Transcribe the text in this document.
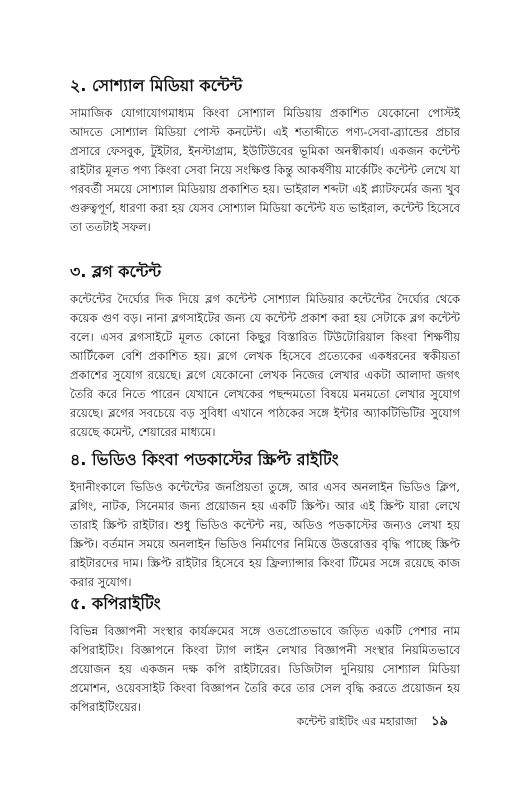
২. সোশ্যাল মিডিয়া কন্টেন্ট

সামাজিক যোগাযোগমাধ্যম কিংবা সোশ্যাল মিডিয়ায় প্রকাশিত যেকোনো পোস্টই আদতে সোশ্যাল মিডিয়া পোস্ট কনটেন্ট। এই শতাব্দীতে পণ্য-সেবা-ব্র্যান্ডের প্রচার প্রসারে ফেসবুক, টুইটার, ইনস্টাগ্রাম, ইউটিউবের ভূমিকা অনস্বীকার্য। একজন কন্টেন্ট রাইটার মূলত পণ্য কিংবা সেবা নিয়ে সংক্ষিপ্ত কিন্তু আকর্ষণীয় মার্কেটিং কন্টেন্ট লেখে যা পরবর্তী সময়ে সোশ্যাল মিডিয়ায় প্রকাশিত হয়। ভাইরাল শব্দটা এই প্ল্যাটফর্মের জন্য খুব গুরুত্বপূর্ণ, ধারণা করা হয় যেসব সোশ্যাল মিডিয়া কন্টেন্ট যত ভাইরাল, কন্টেন্ট হিসেবে তা ততটাই সফল।

৩. ব্লগ কন্টেন্ট

কন্টেন্টের দৈর্ঘ্যের দিক দিয়ে ব্লগ কন্টেন্ট সোশ্যাল মিডিয়ার কন্টেন্টের দৈর্ঘ্যের থেকে কয়েক গুণ বড়। নানা ব্লগসাইটের জন্য যে কন্টেন্ট প্রকাশ করা হয় সেটাকে ব্লগ কন্টেন্ট বলে। এসব ব্লগসাইটে মূলত কোনো কিছুর বিস্তারিত টিউটোরিয়াল কিংবা শিক্ষণীয় আর্টিকেল বেশি প্রকাশিত হয়। ব্লগে লেখক হিসেবে প্রত্যেকের একধরনের স্বকীয়তা প্রকাশের সুযোগ রয়েছে। ব্লগে যেকোনো লেখক নিজের লেখার একটা আলাদা জগৎ তৈরি করে নিতে পারেন যেখানে লেখকের পছন্দমতো বিষয়ে মনমতো লেখার সুযোগ রয়েছে। ব্লগের সবচেয়ে বড় সুবিধা এখানে পাঠকের সঙ্গে ইন্টার অ্যাকটিভিটির সুযোগ রয়েছে কমেন্ট, শেয়ারের মাধ্যমে।

৪. ভিডিও কিংবা পডকাস্টের স্ক্রিপ্ট রাইটিং

ইদানীংকালে ভিডিও কন্টেন্টের জনপ্রিয়তা তুঙ্গে, আর এসব অনলাইন ভিডিও ক্লিপ, ব্লগিং, নাটক, সিনেমার জন্য প্রয়োজন হয় একটি স্ক্রিপ্ট। আর এই স্ক্রিপ্ট যারা লেখে তারাই স্ক্রিপ্ট রাইটার। শুধু ভিডিও কন্টেন্ট নয়, অডিও পডকাস্টের জন্যও লেখা হয় স্ক্রিপ্ট। বর্তমান সময়ে অনলাইন ভিডিও নির্মাণের নিমিত্তে উত্তরোত্তর বৃদ্ধি পাচ্ছে স্ক্রিপ্ট রাইটারদের দাম। স্ক্রিপ্ট রাইটার হিসেবে হয় ফ্রিল্যান্সার কিংবা টিমের সঙ্গে রয়েছে কাজ করার সুযোগ।

৫. কপিরাইটিং

বিভিন্ন বিজ্ঞাপনী সংস্থার কার্যক্রমের সঙ্গে ওতপ্রোতভাবে জড়িত একটি পেশার নাম কপিরাইটিং। বিজ্ঞাপনে কিংবা ট্যাগ লাইন লেখার বিজ্ঞাপনী সংস্থার নিয়মিতভাবে প্রয়োজন হয় একজন দক্ষ কপি রাইটারের। ডিজিটাল দুনিয়ায় সোশ্যাল মিডিয়া প্রমোশন, ওয়েবসাইট কিংবা বিজ্ঞাপন তৈরি করে তার সেল বৃদ্ধি করতে প্রয়োজন হয় কপিরাইটিংয়ের।

কন্টেন্ট রাইটিং এর মহারাজা ১৯
